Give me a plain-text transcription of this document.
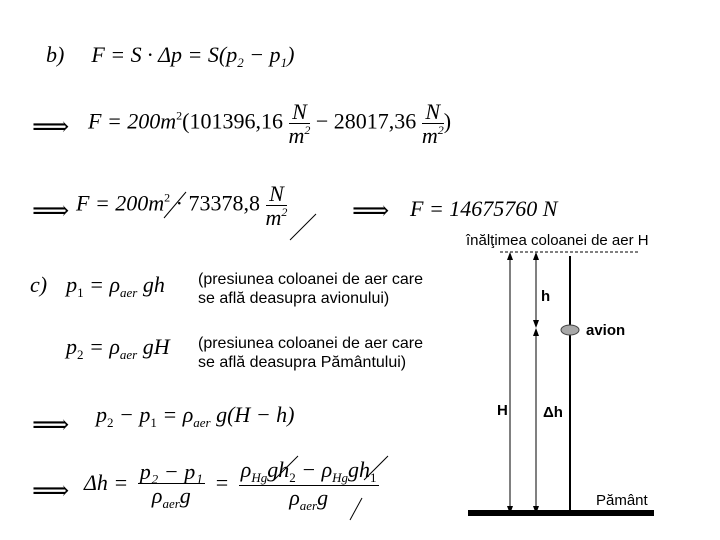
b) $F = S \cdot \Delta p = S(p_2 - p_1)$
⟹ $F = 200m^2(101396,16 \frac{N}{m^2} - 28017,36 \frac{N}{m^2}$ )
⟹ $F = 200m^2 \cdot 73378,8 \frac{N}{m^2}$ ⟹ F = 14675760 N
c) $p_1 = \rho_{aer}$ gh (presiunea coloanei de aer care
se află deasupra avionului)
$p_2 = \rho_{aer}$ gH (presiunea coloanei de aer care
se află deasupra Pământului)
⟹ $p_2 - p_1 = \rho_{aer}$ g(H − h)
⟹ $\Delta h = \frac{\text{p₂ − p₁}}{\rho_{aer}g} = \frac{\rho_{Hg}gh_2 - \rho_{Hg}gh_1}{\rho_{aer}g}$
înălţimea coloanei de aer H
h
avion
H Δh
Pământ
